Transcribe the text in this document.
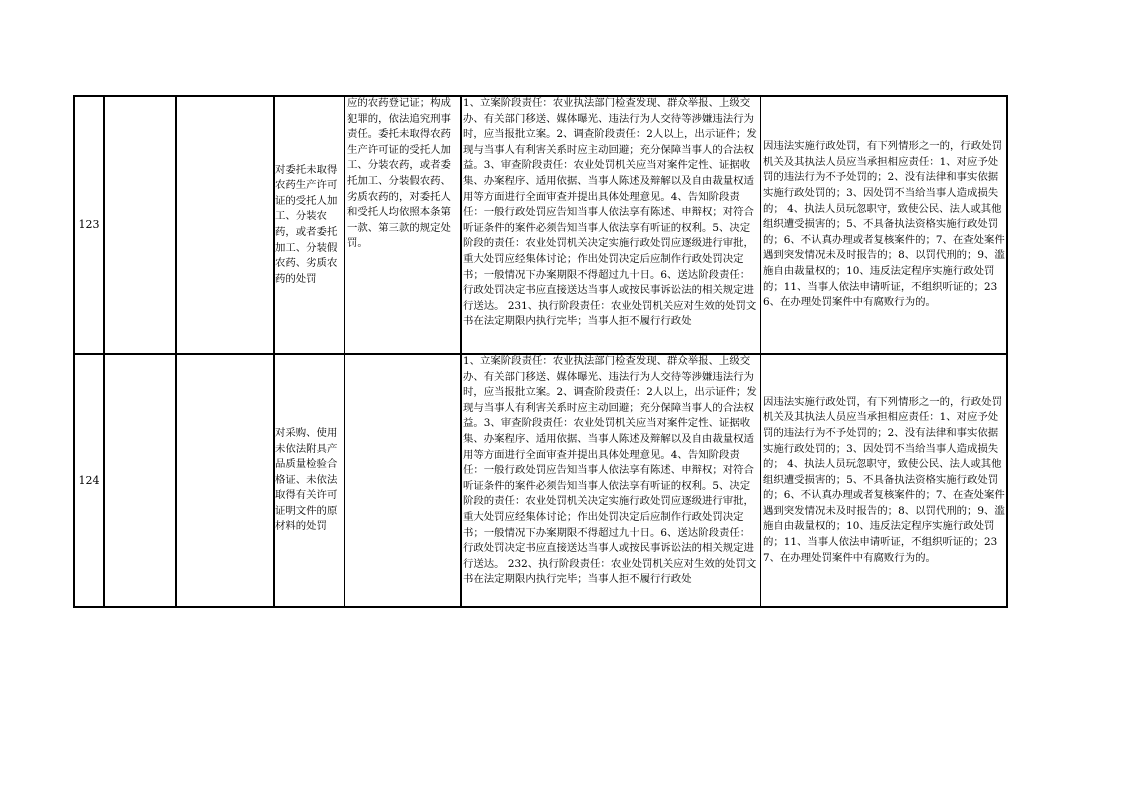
123
对委托未取得农药生产许可证的受托人加工、分装农药，或者委托加工、分装假农药、劣质农药的处罚
应的农药登记证；构成犯罪的，依法追究刑事责任。委托未取得农药生产许可证的受托人加工、分装农药，或者委托加工、分装假农药、劣质农药的，对委托人和受托人均依照本条第一款、第三款的规定处罚。
1、立案阶段责任：农业执法部门检查发现、群众举报、上级交办、有关部门移送、媒体曝光、违法行为人交待等涉嫌违法行为时，应当报批立案。2、调查阶段责任：2人以上，出示证件；发现与当事人有利害关系时应主动回避；充分保障当事人的合法权益。3、审查阶段责任：农业处罚机关应当对案件定性、证据收集、办案程序、适用依据、当事人陈述及辩解以及自由裁量权适用等方面进行全面审查并提出具体处理意见。4、告知阶段责任：一般行政处罚应告知当事人依法享有陈述、申辩权；对符合听证条件的案件必须告知当事人依法享有听证的权利。5、决定阶段的责任：农业处罚机关决定实施行政处罚应逐级进行审批，重大处罚应经集体讨论；作出处罚决定后应制作行政处罚决定书；一般情况下办案期限不得超过九十日。6、送达阶段责任：行政处罚决定书应直接送达当事人或按民事诉讼法的相关规定进行送达。 231、执行阶段责任：农业处罚机关应对生效的处罚文书在法定期限内执行完毕；当事人拒不履行行政处
因违法实施行政处罚，有下列情形之一的，行政处罚机关及其执法人员应当承担相应责任：1、对应予处罚的违法行为不予处罚的；2、没有法律和事实依据实施行政处罚的；3、因处罚不当给当事人造成损失的； 4、执法人员玩忽职守，致使公民、法人或其他组织遭受损害的；5、不具备执法资格实施行政处罚的；6、不认真办理或者复核案件的；7、在查处案件遇到突发情况未及时报告的；8、以罚代刑的；9、滥施自由裁量权的；10、违反法定程序实施行政处罚的；11、当事人依法申请听证，不组织听证的；236、在办理处罚案件中有腐败行为的。
124
对采购、使用未依法附具产品质量检验合格证、未依法取得有关许可证明文件的原材料的处罚
1、立案阶段责任：农业执法部门检查发现、群众举报、上级交办、有关部门移送、媒体曝光、违法行为人交待等涉嫌违法行为时，应当报批立案。2、调查阶段责任：2人以上，出示证件；发现与当事人有利害关系时应主动回避；充分保障当事人的合法权益。3、审查阶段责任：农业处罚机关应当对案件定性、证据收集、办案程序、适用依据、当事人陈述及辩解以及自由裁量权适用等方面进行全面审查并提出具体处理意见。4、告知阶段责任：一般行政处罚应告知当事人依法享有陈述、申辩权；对符合听证条件的案件必须告知当事人依法享有听证的权利。5、决定阶段的责任：农业处罚机关决定实施行政处罚应逐级进行审批，重大处罚应经集体讨论；作出处罚决定后应制作行政处罚决定书；一般情况下办案期限不得超过九十日。6、送达阶段责任：行政处罚决定书应直接送达当事人或按民事诉讼法的相关规定进行送达。 232、执行阶段责任：农业处罚机关应对生效的处罚文书在法定期限内执行完毕；当事人拒不履行行政处
因违法实施行政处罚，有下列情形之一的，行政处罚机关及其执法人员应当承担相应责任：1、对应予处罚的违法行为不予处罚的；2、没有法律和事实依据实施行政处罚的；3、因处罚不当给当事人造成损失的； 4、执法人员玩忽职守，致使公民、法人或其他组织遭受损害的；5、不具备执法资格实施行政处罚的；6、不认真办理或者复核案件的；7、在查处案件遇到突发情况未及时报告的；8、以罚代刑的；9、滥施自由裁量权的；10、违反法定程序实施行政处罚的；11、当事人依法申请听证，不组织听证的；237、在办理处罚案件中有腐败行为的。
